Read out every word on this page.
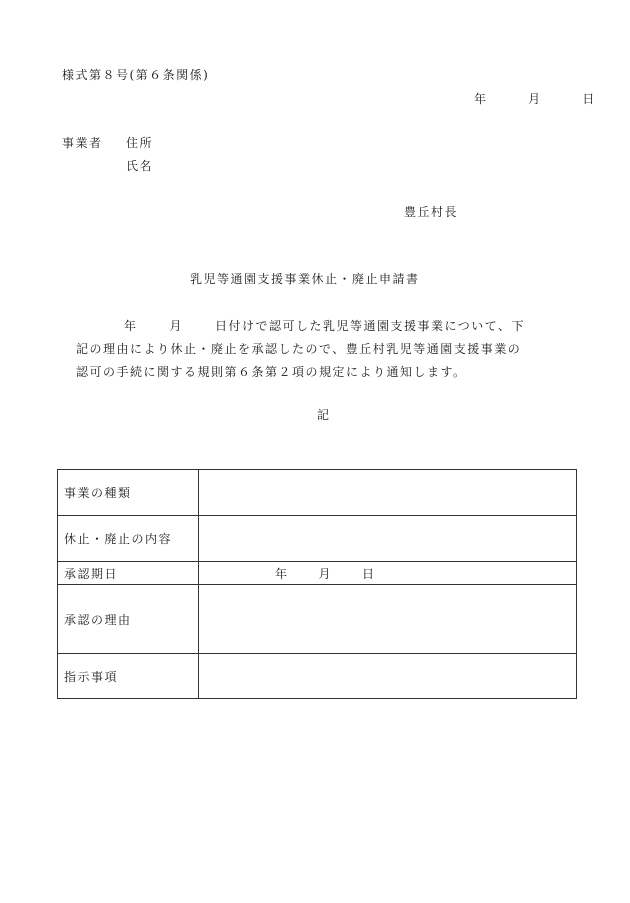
様式第８号(第６条関係)
年	月	日
事業者 住所
氏名
豊丘村長
乳児等通園支援事業休止・廃止申請書
年	月	日付けで認可した乳児等通園支援事業について、下
記の理由により休止・廃止を承認したので、豊丘村乳児等通園支援事業の
認可の手続に関する規則第６条第２項の規定により通知します。
記
事業の種類	
休止・廃止の内容	
承認期日	年 月 日
承認の理由	
指示事項	
